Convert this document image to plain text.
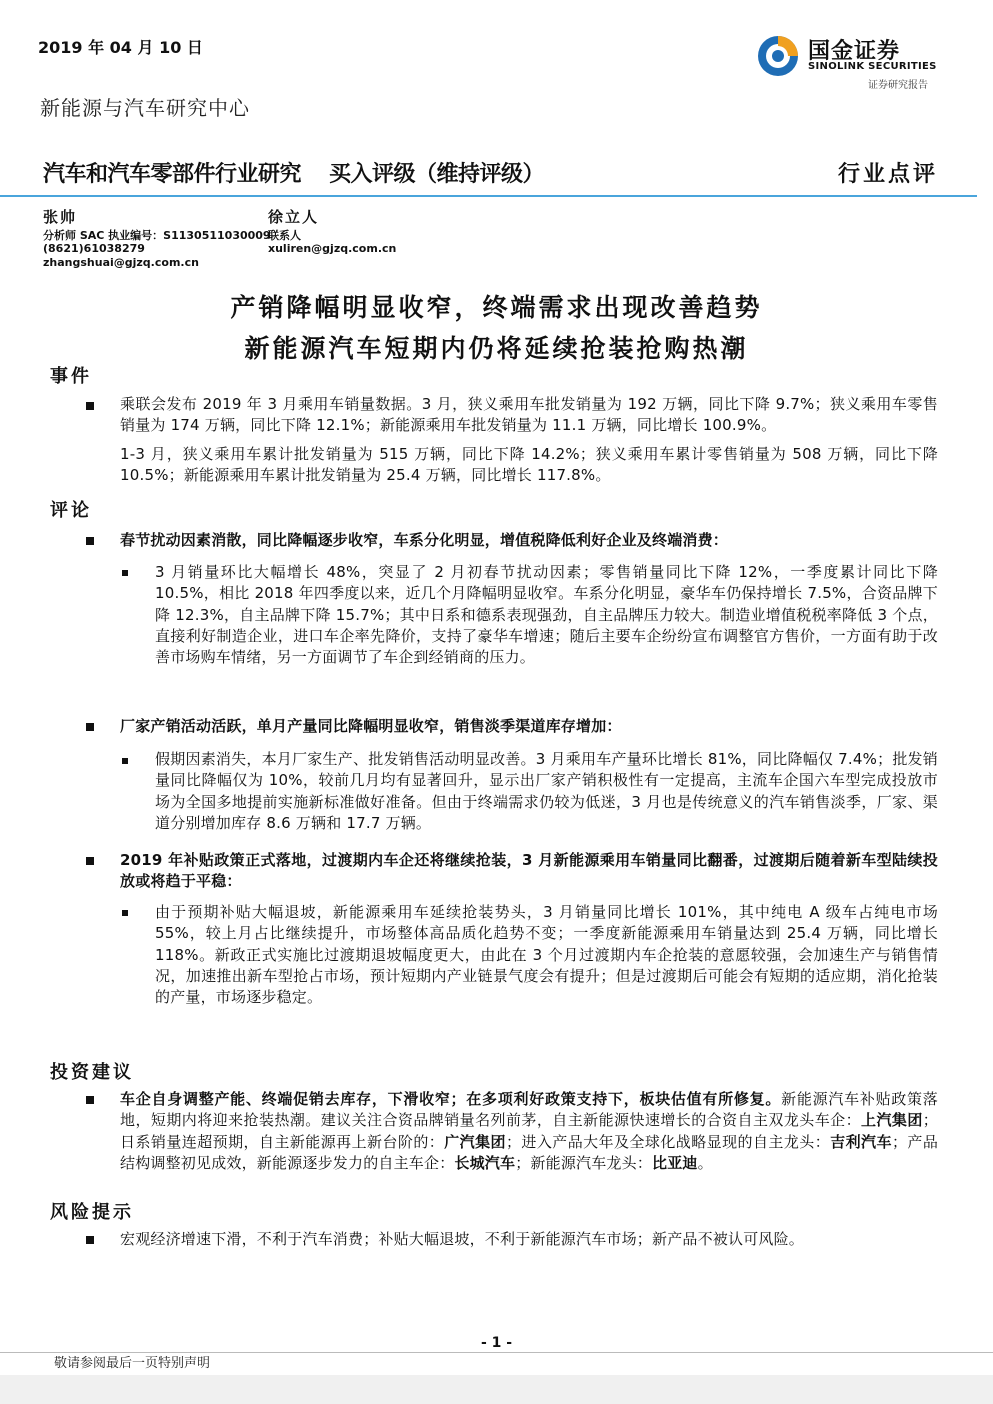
2019 年 04 月 10 日	国金证券
SINOLINK SECURITIES
证券研究报告
新能源与汽车研究中心
汽车和汽车零部件行业研究 买入评级（维持评级）	行业点评
张帅
分析师 SAC 执业编号：S1130511030009
(8621)61038279
zhangshuai@gjzq.com.cn
徐立人
联系人
xuliren@gjzq.com.cn
产销降幅明显收窄，终端需求出现改善趋势
新能源汽车短期内仍将延续抢装抢购热潮
事件
乘联会发布 2019 年 3 月乘用车销量数据。3 月，狭义乘用车批发销量为 192 万辆，同比下降 9.7%；狭义乘用车零售销量为 174 万辆，同比下降 12.1%；新能源乘用车批发销量为 11.1 万辆，同比增长 100.9%。
1-3 月，狭义乘用车累计批发销量为 515 万辆，同比下降 14.2%；狭义乘用车累计零售销量为 508 万辆，同比下降 10.5%；新能源乘用车累计批发销量为 25.4 万辆，同比增长 117.8%。
评论
春节扰动因素消散，同比降幅逐步收窄，车系分化明显，增值税降低利好企业及终端消费：
3 月销量环比大幅增长 48%，突显了 2 月初春节扰动因素；零售销量同比下降 12%，一季度累计同比下降 10.5%，相比 2018 年四季度以来，近几个月降幅明显收窄。车系分化明显，豪华车仍保持增长 7.5%，合资品牌下降 12.3%，自主品牌下降 15.7%；其中日系和德系表现强劲，自主品牌压力较大。制造业增值税税率降低 3 个点，直接利好制造企业，进口车企率先降价，支持了豪华车增速；随后主要车企纷纷宣布调整官方售价，一方面有助于改善市场购车情绪，另一方面调节了车企到经销商的压力。
厂家产销活动活跃，单月产量同比降幅明显收窄，销售淡季渠道库存增加：
假期因素消失，本月厂家生产、批发销售活动明显改善。3 月乘用车产量环比增长 81%，同比降幅仅 7.4%；批发销量同比降幅仅为 10%，较前几月均有显著回升，显示出厂家产销积极性有一定提高，主流车企国六车型完成投放市场为全国多地提前实施新标准做好准备。但由于终端需求仍较为低迷，3 月也是传统意义的汽车销售淡季，厂家、渠道分别增加库存 8.6 万辆和 17.7 万辆。
2019 年补贴政策正式落地，过渡期内车企还将继续抢装，3 月新能源乘用车销量同比翻番，过渡期后随着新车型陆续投放或将趋于平稳：
由于预期补贴大幅退坡，新能源乘用车延续抢装势头，3 月销量同比增长 101%，其中纯电 A 级车占纯电市场 55%，较上月占比继续提升，市场整体高品质化趋势不变；一季度新能源乘用车销量达到 25.4 万辆，同比增长 118%。新政正式实施比过渡期退坡幅度更大，由此在 3 个月过渡期内车企抢装的意愿较强，会加速生产与销售情况，加速推出新车型抢占市场，预计短期内产业链景气度会有提升；但是过渡期后可能会有短期的适应期，消化抢装的产量，市场逐步稳定。
投资建议
车企自身调整产能、终端促销去库存，下滑收窄；在多项利好政策支持下，板块估值有所修复。新能源汽车补贴政策落地，短期内将迎来抢装热潮。建议关注合资品牌销量名列前茅，自主新能源快速增长的合资自主双龙头车企：上汽集团；日系销量连超预期，自主新能源再上新台阶的：广汽集团；进入产品大年及全球化战略显现的自主龙头：吉利汽车；产品结构调整初见成效，新能源逐步发力的自主车企：长城汽车；新能源汽车龙头：比亚迪。
风险提示
宏观经济增速下滑，不利于汽车消费；补贴大幅退坡，不利于新能源汽车市场；新产品不被认可风险。
- 1 -
敬请参阅最后一页特别声明
